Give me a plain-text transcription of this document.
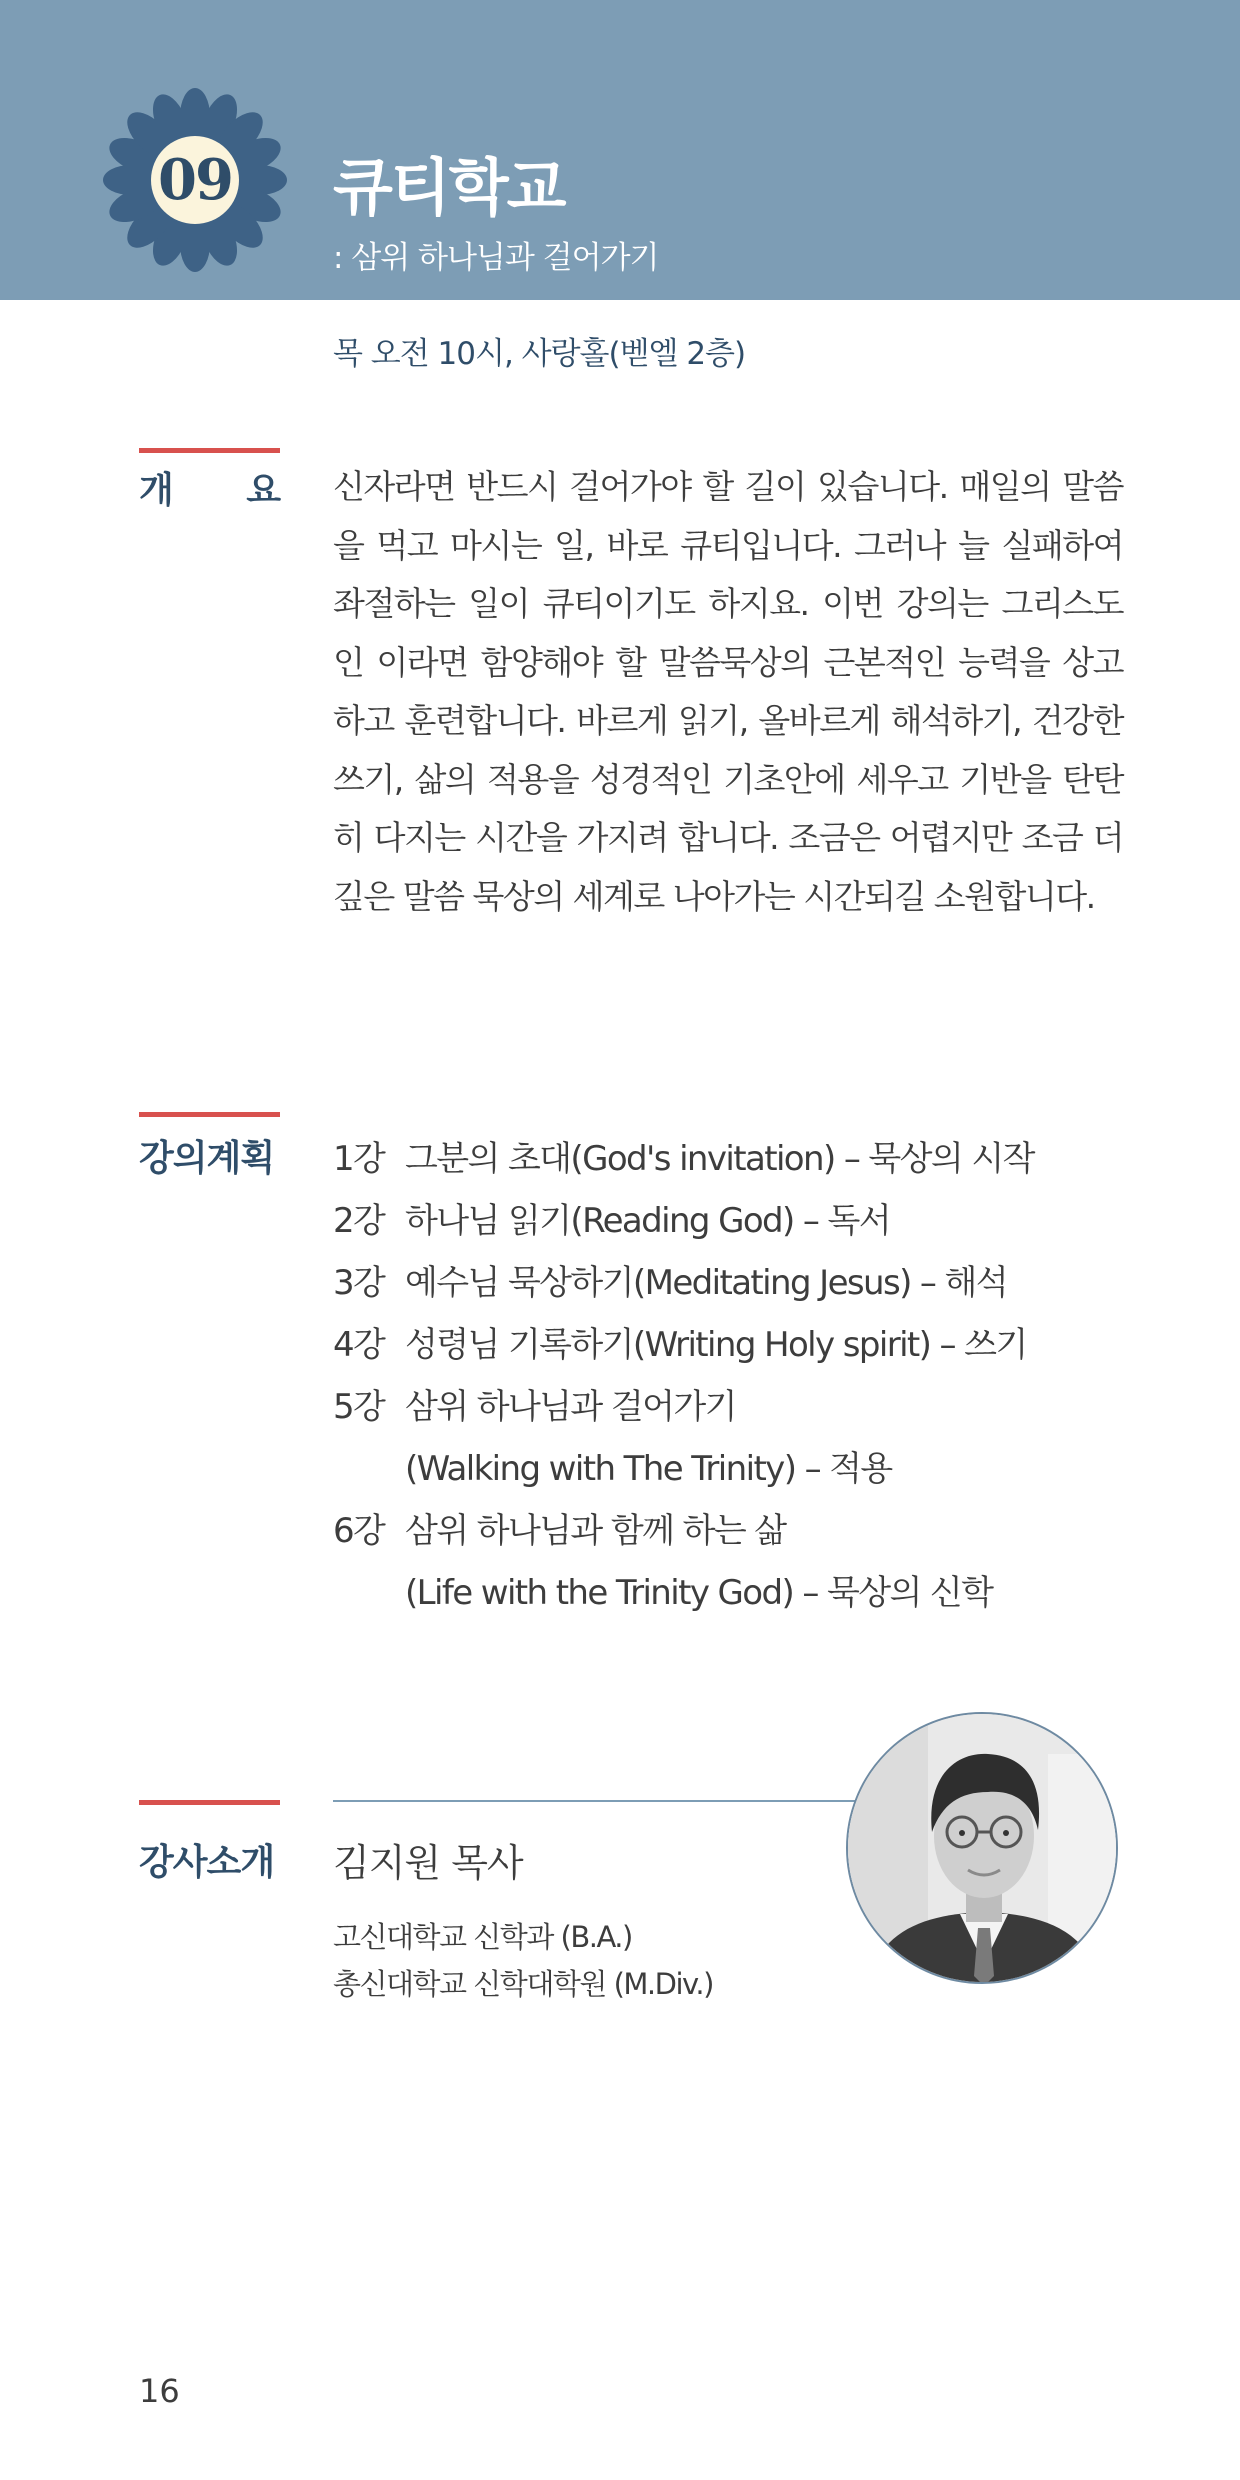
09	큐티학교
: 삼위 하나님과 걸어가기
목 오전 10시, 사랑홀(벧엘 2층)
개 요 신자라면 반드시 걸어가야 할 길이 있습니다. 매일의 말씀을 먹고 마시는 일, 바로 큐티입니다. 그러나 늘 실패하여 좌절하는 일이 큐티이기도 하지요. 이번 강의는 그리스도인 이라면 함양해야 할 말씀묵상의 근본적인 능력을 상고하고 훈련합니다. 바르게 읽기, 올바르게 해석하기, 건강한 쓰기, 삶의 적용을 성경적인 기초안에 세우고 기반을 탄탄히 다지는 시간을 가지려 합니다. 조금은 어렵지만 조금 더 깊은 말씀 묵상의 세계로 나아가는 시간되길 소원합니다.

강의계획 1강 그분의 초대(God's invitation) – 묵상의 시작
2강 하나님 읽기(Reading God) – 독서
3강 예수님 묵상하기(Meditating Jesus) – 해석
4강 성령님 기록하기(Writing Holy spirit) – 쓰기
5강 삼위 하나님과 걸어가기
(Walking with The Trinity) – 적용
6강 삼위 하나님과 함께 하는 삶
(Life with the Trinity God) – 묵상의 신학
강사소개 김지원 목사
고신대학교 신학과 (B.A.)
총신대학교 신학대학원 (M.Div.)
16
